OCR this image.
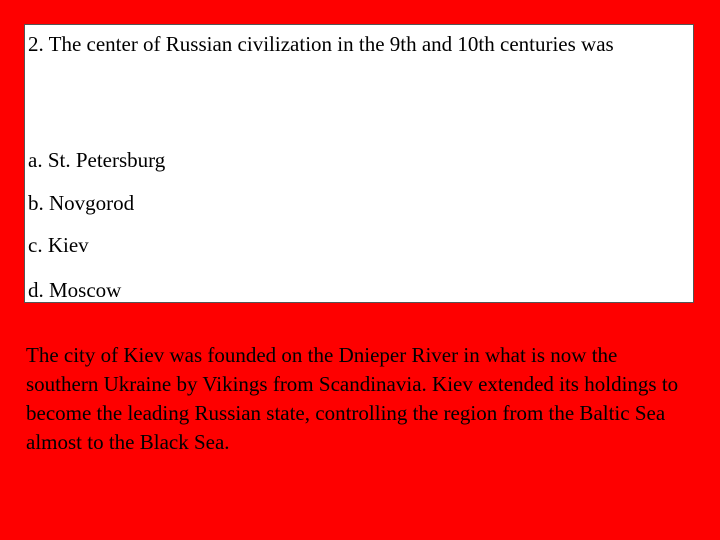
2. The center of Russian civilization in the 9th and 10th centuries was

a. St. Petersburg

b. Novgorod

c. Kiev

d. Moscow

The city of Kiev was founded on the Dnieper River in what is now the southern Ukraine by Vikings from Scandinavia. Kiev extended its holdings to become the leading Russian state, controlling the region from the Baltic Sea almost to the Black Sea.
